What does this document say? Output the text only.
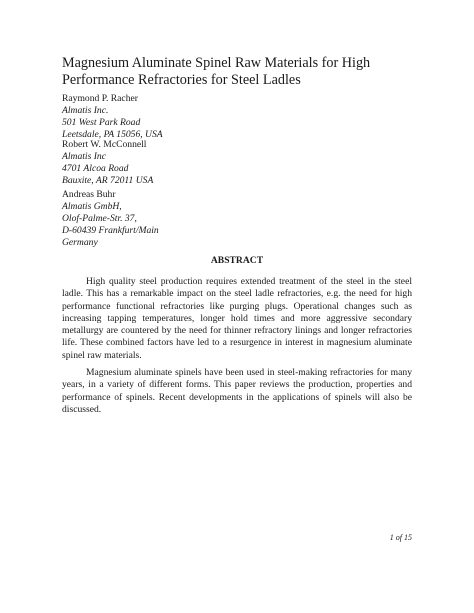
Magnesium Aluminate Spinel Raw Materials for High Performance Refractories for Steel Ladles
Raymond P. Racher
Almatis Inc.
501 West Park Road
Leetsdale, PA 15056, USA
Robert W. McConnell
Almatis Inc
4701 Alcoa Road
Bauxite, AR 72011 USA
Andreas Buhr
Almatis GmbH,
Olof-Palme-Str. 37,
D-60439 Frankfurt/Main
Germany
ABSTRACT

High quality steel production requires extended treatment of the steel in the steel ladle. This has a remarkable impact on the steel ladle refractories, e.g. the need for high performance functional refractories like purging plugs. Operational changes such as increasing tapping temperatures, longer hold times and more aggressive secondary metallurgy are countered by the need for thinner refractory linings and longer refractories life. These combined factors have led to a resurgence in interest in magnesium aluminate spinel raw materials.

Magnesium aluminate spinels have been used in steel-making refractories for many years, in a variety of different forms. This paper reviews the production, properties and performance of spinels. Recent developments in the applications of spinels will also be discussed.

1 of 15
